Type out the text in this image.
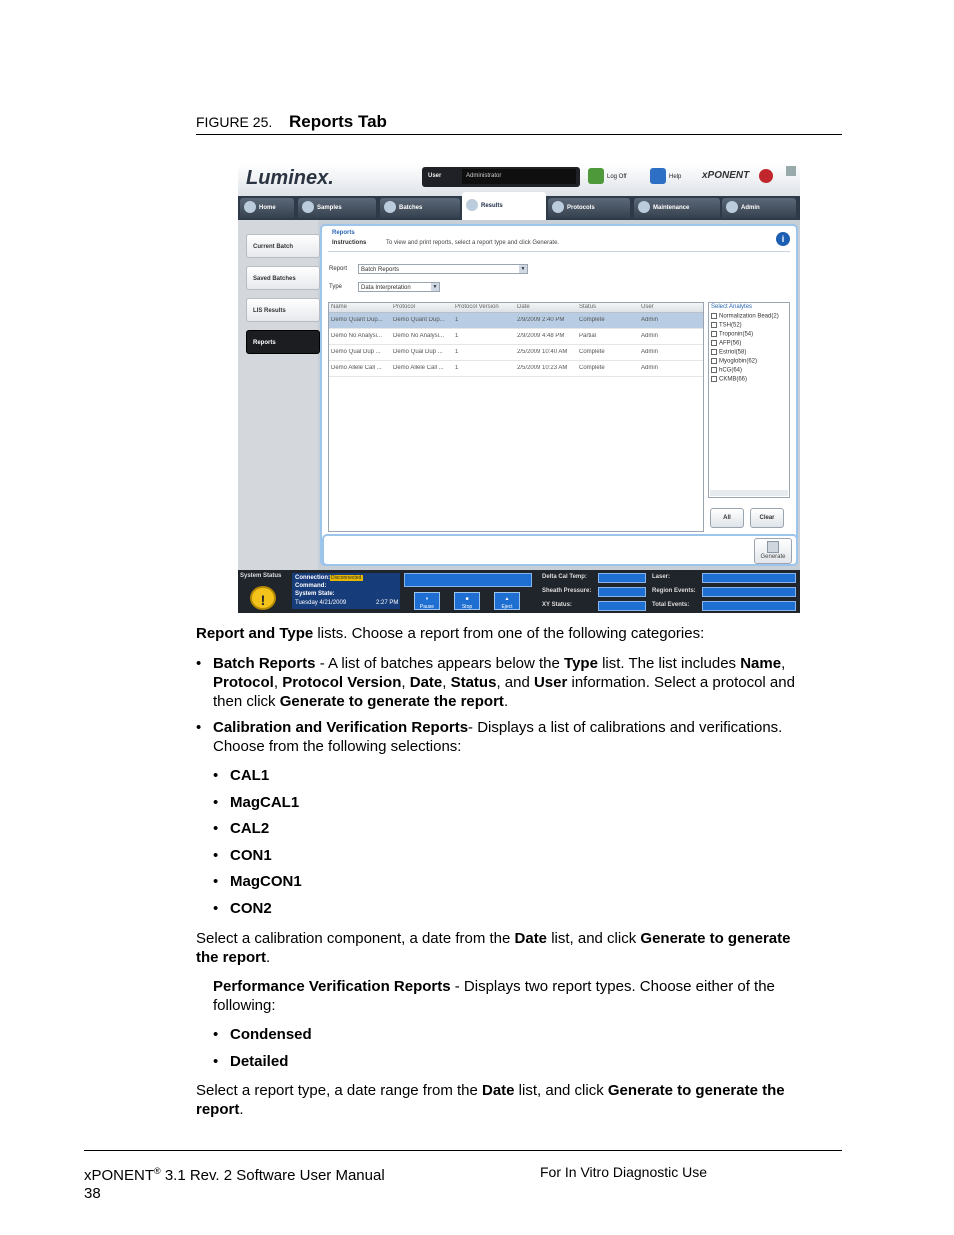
FIGURE 25. Reports Tab
Luminex.	User	Administrator	Log Off	Help xPONENT
Home	Samples	Batches	Results	Protocols	Maintenance	Admin
Current Batch
Saved Batches
LIS Results
Reports
Reports
Instructions	To view and print reports, select a report type and click Generate.	i
Report	Batch Reports	▼
Type	Data Interpretation	▼
Name	Protocol	Protocol Version	Date	Status	User
Demo Quant Dup...	Demo Quant Dup...	1	2/9/2009 2:40 PM Complete	Admin
Demo No Analysi...	Demo No Analysi...	1	2/9/2009 4:48 PM Partial	Admin
Demo Qual Dup ...	Demo Qual Dup ...	1	2/5/2009 10:40 AM Complete	Admin
Demo Allele Call ...	Demo Allele Call ...	1	2/5/2009 10:23 AM Complete	Admin
Select Analytes
Normalization Bead(2)
TSH(52)
Troponin(54)
AFP(56)
Estriol(58)
Myoglobin(62)
hCG(64)
CKMB(66)
All	Clear
Generate
System Status
!
Connection: Disconnected
Command:
System State:
Tuesday 4/21/2009	2:27 PM
⏸
Pause
■
Stop
▲
Eject
Delta Cal Temp:
Sheath Pressure:
XY Status:
Laser:
Region Events:
Total Events:
Report and Type lists. Choose a report from one of the following categories:
• Batch Reports - A list of batches appears below the Type list. The list includes Name,
Protocol, Protocol Version, Date, Status, and User information. Select a protocol and
then click Generate to generate the report.
• Calibration and Verification Reports- Displays a list of calibrations and verifications.
Choose from the following selections:
• CAL1
• MagCAL1
• CAL2
• CON1
• MagCON1
• CON2
Select a calibration component, a date from the Date list, and click Generate to generate
the report.
Performance Verification Reports - Displays two report types. Choose either of the
following:
• Condensed
• Detailed
Select a report type, a date range from the Date list, and click Generate to generate the
report.
xPONENT® 3.1 Rev. 2 Software User Manual
38
For In Vitro Diagnostic Use
